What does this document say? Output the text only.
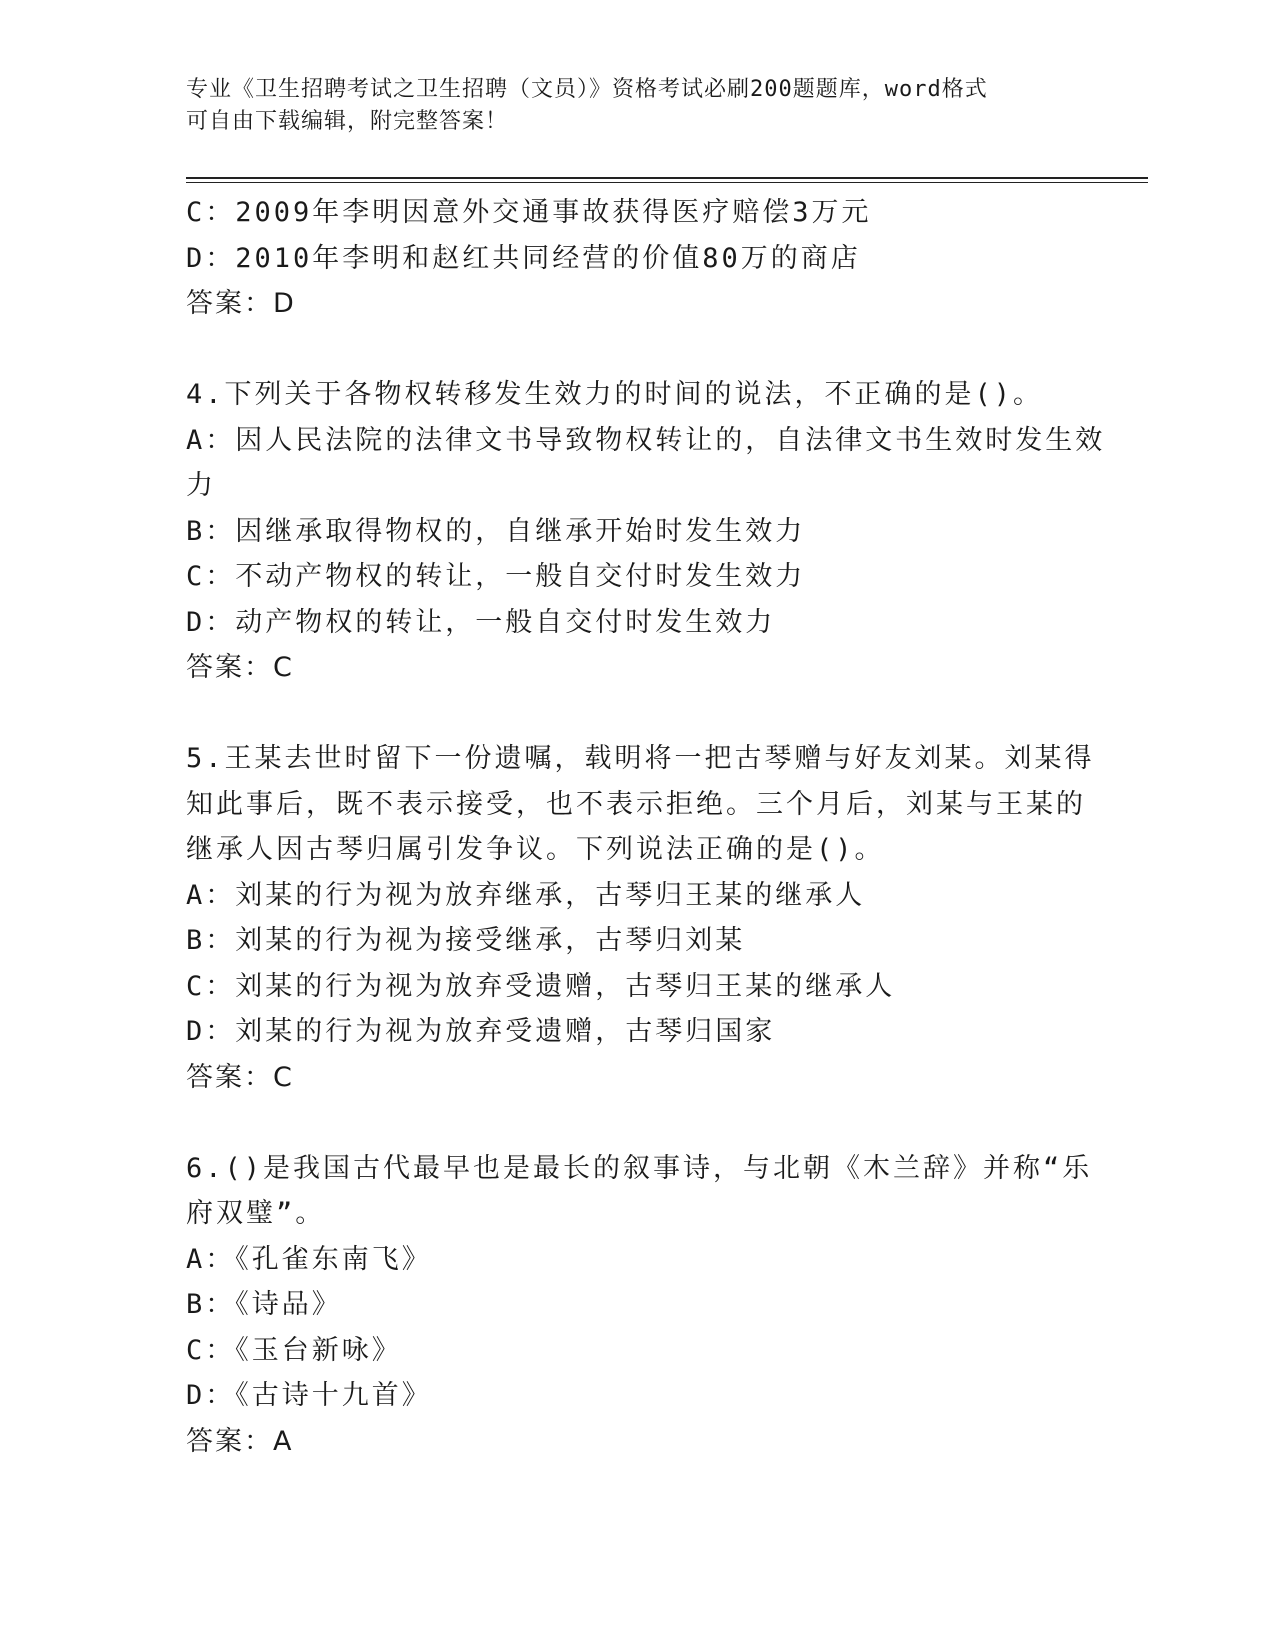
专业《卫生招聘考试之卫生招聘（文员）》资格考试必刷200题题库，word格式
可自由下载编辑，附完整答案！
C：2009年李明因意外交通事故获得医疗赔偿3万元
D：2010年李明和赵红共同经营的价值80万的商店
答案：D
4.下列关于各物权转移发生效力的时间的说法，不正确的是()。
A：因人民法院的法律文书导致物权转让的，自法律文书生效时发生效
力
B：因继承取得物权的，自继承开始时发生效力
C：不动产物权的转让，一般自交付时发生效力
D：动产物权的转让，一般自交付时发生效力
答案：C
5.王某去世时留下一份遗嘱，载明将一把古琴赠与好友刘某。刘某得
知此事后，既不表示接受，也不表示拒绝。三个月后，刘某与王某的
继承人因古琴归属引发争议。下列说法正确的是()。
A：刘某的行为视为放弃继承，古琴归王某的继承人
B：刘某的行为视为接受继承，古琴归刘某
C：刘某的行为视为放弃受遗赠，古琴归王某的继承人
D：刘某的行为视为放弃受遗赠，古琴归国家
答案：C
6.()是我国古代最早也是最长的叙事诗，与北朝《木兰辞》并称“乐
府双璧”。
A：《孔雀东南飞》
B：《诗品》
C：《玉台新咏》
D：《古诗十九首》
答案：A
